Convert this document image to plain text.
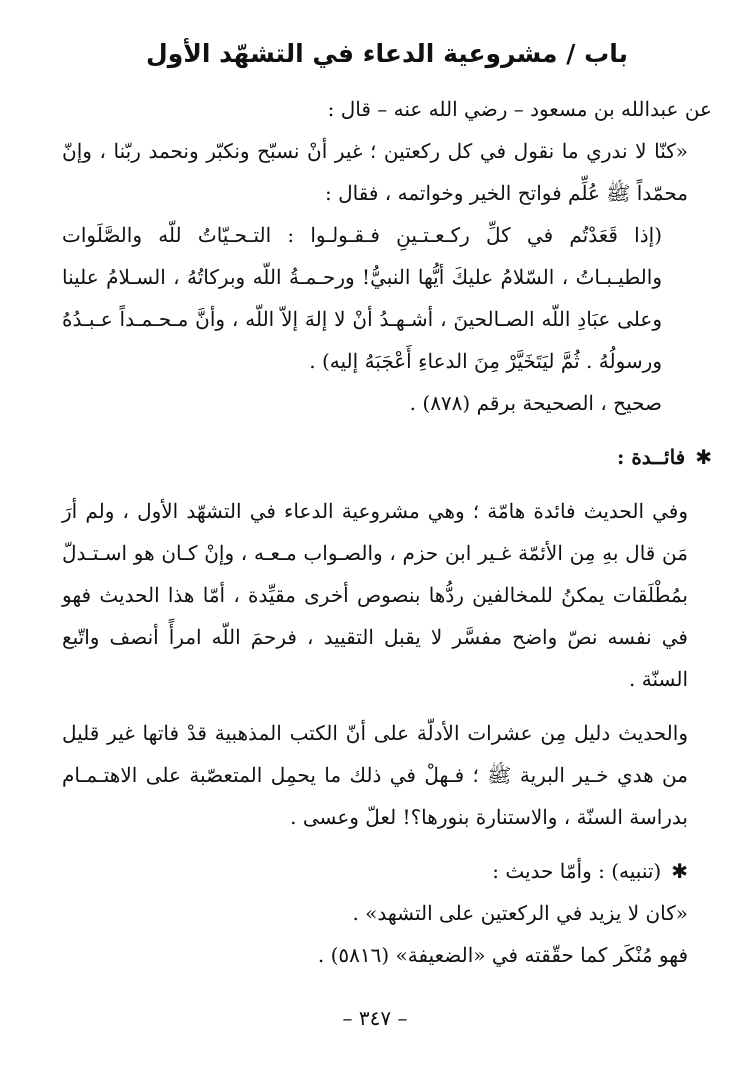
باب / مشروعية الدعاء في التشهّد الأول

عن عبدالله بن مسعود – رضي الله عنه – قال :

«كنّا لا ندري ما نقول في كل ركعتين ؛ غير أنْ نسبّح ونكبّر ونحمد ربّنا ، وإنّ محمّداً ﷺ عُلِّم فواتح الخير وخواتمه ، فقال :

(إذا قَعَدْتُم في كلِّ ركـعـتـينِ فـقـولـوا : التـحـيّاتُ للّه والصَّلَوات والطيـبـاتُ ، السّلامُ عليكَ أيُّها النبيُّ! ورحـمـةُ اللّه وبركاتُهُ ، السـلامُ علينا وعلى عبَادِ اللّه الصـالحينَ ، أشـهـدُ أنْ لا إلهَ إلاّ اللّه ، وأنَّ مـحـمـداً عـبـدُهُ ورسولُهُ . ثُمَّ ليَتَخَيَّرْ مِنَ الدعاءِ أَعْجَبَهُ إليه) .

صحيح ، الصحيحة برقم (٨٧٨) .

✱فائــدة :

وفي الحديث فائدة هامّة ؛ وهي مشروعية الدعاء في التشهّد الأول ، ولم أرَ مَن قال بهِ مِن الأئمّة غـير ابن حزم ، والصـواب مـعـه ، وإنْ كـان هو اسـتـدلّ بمُطْلَقات يمكنُ للمخالفين ردُّها بنصوص أخرى مقيِّدة ، أمّا هذا الحديث فهو في نفسه نصّ واضح مفسَّر لا يقبل التقييد ، فرحمَ اللّه امرأً أنصف واتّبع السنّة .

والحديث دليل مِن عشرات الأدلّة على أنّ الكتب المذهبية قدْ فاتها غير قليل من هدي خـير البرية ﷺ ؛ فـهلْ في ذلك ما يحمِل المتعصّبة على الاهتـمـام بدراسة السنّة ، والاستنارة بنورها؟! لعلّ وعسى .

✱(تنبيه) : وأمّا حديث :

«كان لا يزيد في الركعتين على التشهد» .

فهو مُنْكَر كما حقّقته في «الضعيفة» (٥٨١٦) .

– ٣٤٧ –
